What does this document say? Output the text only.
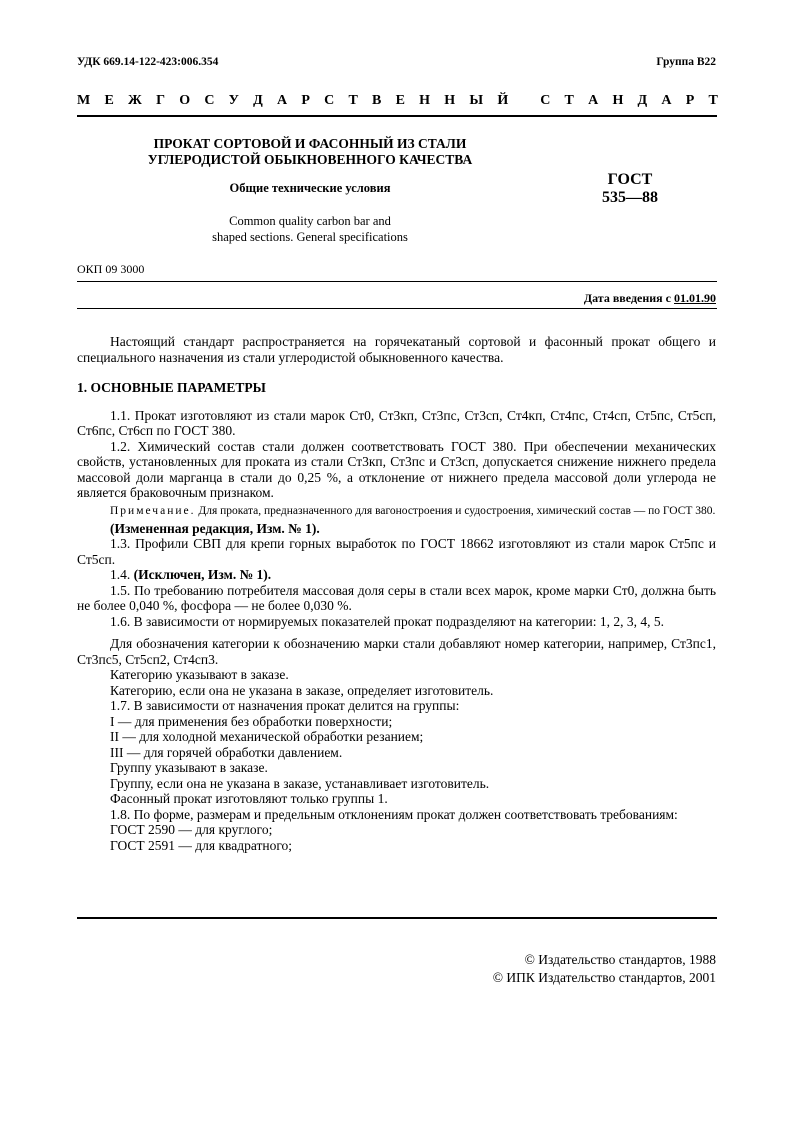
УДК 669.14-122-423:006.354	Группа В22
М Е Ж Г О С У Д А Р С Т В Е Н Н Ы Й
С Т А Н Д А Р Т
ПРОКАТ СОРТОВОЙ И ФАСОННЫЙ ИЗ СТАЛИ
УГЛЕРОДИСТОЙ ОБЫКНОВЕННОГО КАЧЕСТВА
Общие технические условия
Common quality carbon bar and
shaped sections. General specifications
ГОСТ
535—88
ОКП 09 3000
Дата введения с 01.01.90

Настоящий стандарт распространяется на горячекатаный сортовой и фасонный прокат общего и специального назначения из стали углеродистой обыкновенного качества.

1. ОСНОВНЫЕ ПАРАМЕТРЫ

1.1. Прокат изготовляют из стали марок Ст0, Ст3кп, Ст3пс, Ст3сп, Ст4кп, Ст4пс, Ст4сп, Ст5пс, Ст5сп, Ст6пс, Ст6сп по ГОСТ 380.

1.2. Химический состав стали должен соответствовать ГОСТ 380. При обеспечении механических свойств, установленных для проката из стали Ст3кп, Ст3пс и Ст3сп, допускается снижение нижнего предела массовой доли марганца в стали до 0,25 %, а отклонение от нижнего предела массовой доли углерода не является браковочным признаком.

Примечание. Для проката, предназначенного для вагоностроения и судостроения, химический состав — по ГОСТ 380.

(Измененная редакция, Изм. № 1).

1.3. Профили СВП для крепи горных выработок по ГОСТ 18662 изготовляют из стали марок Ст5пс и Ст5сп.

1.4. (Исключен, Изм. № 1).

1.5. По требованию потребителя массовая доля серы в стали всех марок, кроме марки Ст0, должна быть не более 0,040 %, фосфора — не более 0,030 %.

1.6. В зависимости от нормируемых показателей прокат подразделяют на категории: 1, 2, 3, 4, 5.

Для обозначения категории к обозначению марки стали добавляют номер категории, например, Ст3пс1, Ст3пс5, Ст5сп2, Ст4сп3.

Категорию указывают в заказе.

Категорию, если она не указана в заказе, определяет изготовитель.

1.7. В зависимости от назначения прокат делится на группы:

I — для применения без обработки поверхности;

II — для холодной механической обработки резанием;

III — для горячей обработки давлением.

Группу указывают в заказе.

Группу, если она не указана в заказе, устанавливает изготовитель.

Фасонный прокат изготовляют только группы 1.

1.8. По форме, размерам и предельным отклонениям прокат должен соответствовать требованиям:

ГОСТ 2590 — для круглого;

ГОСТ 2591 — для квадратного;

© Издательство стандартов, 1988
© ИПК Издательство стандартов, 2001
